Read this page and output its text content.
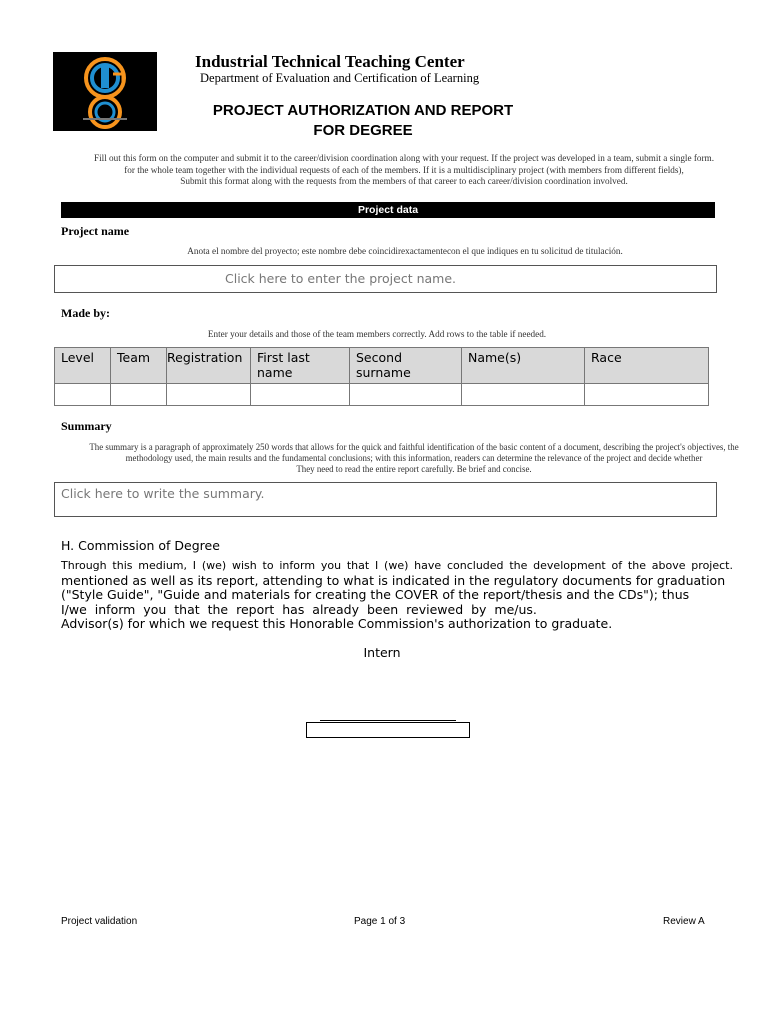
Industrial Technical Teaching Center
Department of Evaluation and Certification of Learning
PROJECT AUTHORIZATION AND REPORT
FOR DEGREE
Fill out this form on the computer and submit it to the career/division coordination along with your request. If the project was developed in a team, submit a single form.
for the whole team together with the individual requests of each of the members. If it is a multidisciplinary project (with members from different fields),
Submit this format along with the requests from the members of that career to each career/division coordination involved.
Project data
Project name
Anota el nombre del proyecto; este nombre debe coincidirexactamentecon el que indiques en tu solicitud de titulación.
Click here to enter the project name.
Made by:
Enter your details and those of the team members correctly. Add rows to the table if needed.
Level	Team	Registration	First last name	Second surname	Name(s)	Race

Summary
The summary is a paragraph of approximately 250 words that allows for the quick and faithful identification of the basic content of a document, describing the project's objectives, the
methodology used, the main results and the fundamental conclusions; with this information, readers can determine the relevance of the project and decide whether
They need to read the entire report carefully. Be brief and concise.
Click here to write the summary.
H. Commission of Degree
Through this medium, I (we) wish to inform you that I (we) have concluded the development of the above project.
mentioned as well as its report, attending to what is indicated in the regulatory documents for graduation
("Style Guide", "Guide and materials for creating the COVER of the report/thesis and the CDs"); thus
I/we inform you that the report has already been reviewed by me/us.
Advisor(s) for which we request this Honorable Commission's authorization to graduate.
Intern
Project validation	Page 1 of 3	Review A
